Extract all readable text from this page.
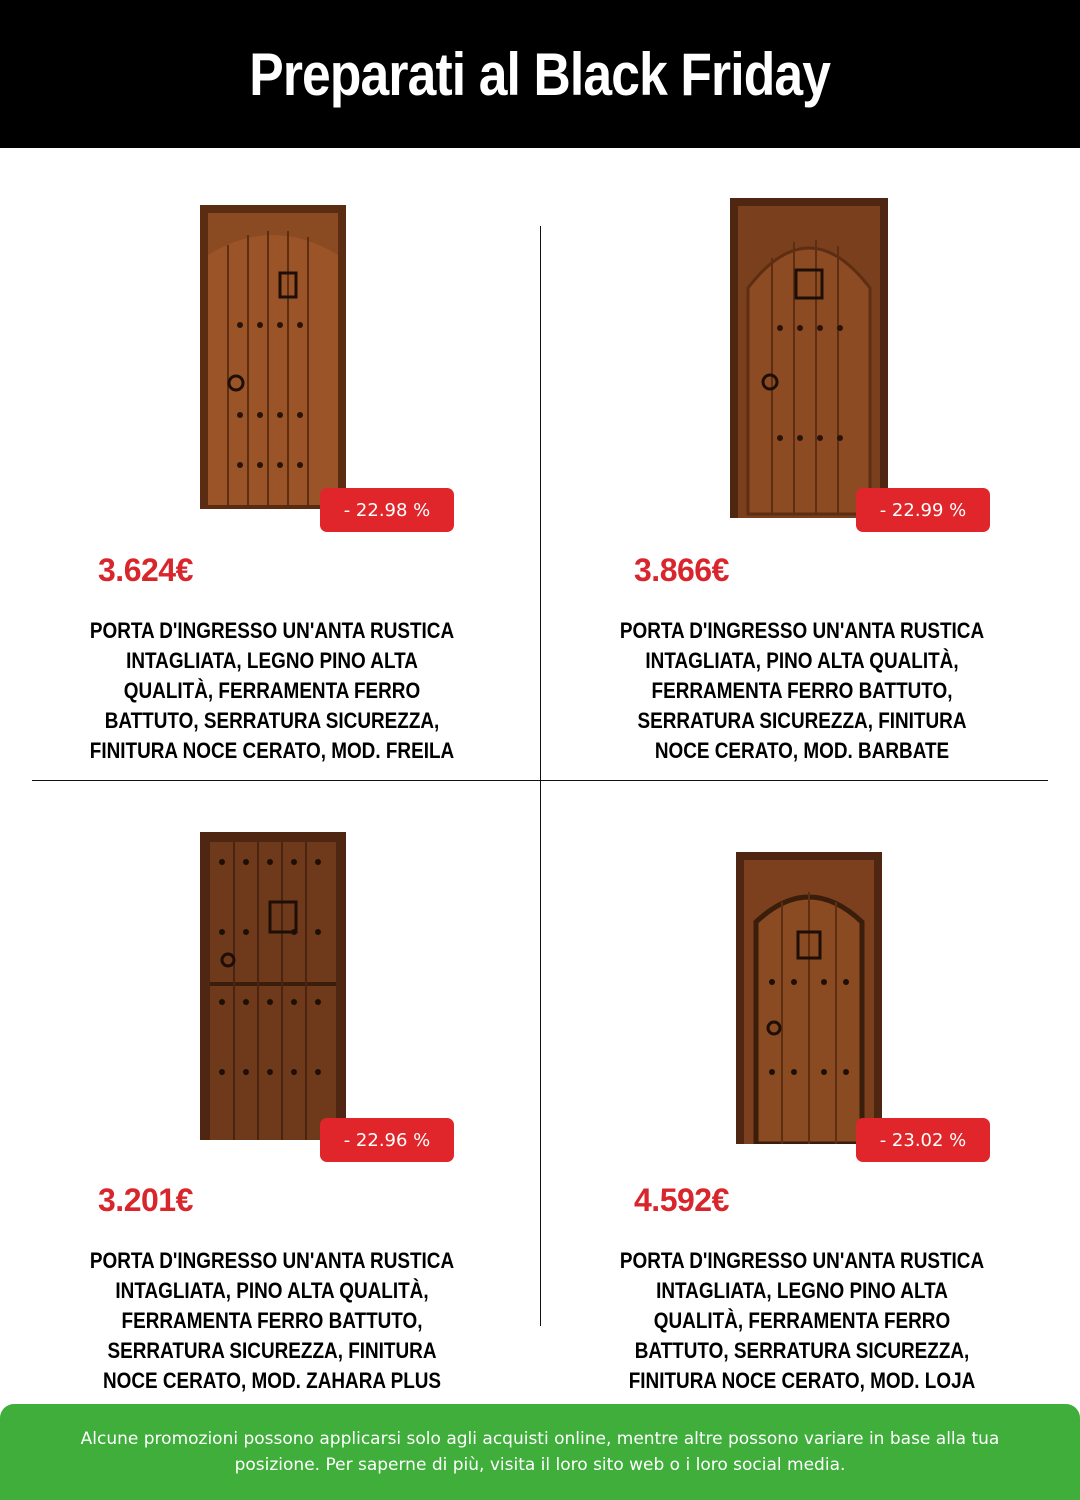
Preparati al Black Friday
- 22.98 %
3.624€
PORTA D'INGRESSO UN'ANTA RUSTICA INTAGLIATA, LEGNO PINO ALTA QUALITÀ, FERRAMENTA FERRO BATTUTO, SERRATURA SICUREZZA, FINITURA NOCE CERATO, MOD. FREILA
- 22.99 %
3.866€
PORTA D'INGRESSO UN'ANTA RUSTICA INTAGLIATA, PINO ALTA QUALITÀ, FERRAMENTA FERRO BATTUTO, SERRATURA SICUREZZA, FINITURA NOCE CERATO, MOD. BARBATE
- 22.96 %
3.201€
PORTA D'INGRESSO UN'ANTA RUSTICA INTAGLIATA, PINO ALTA QUALITÀ, FERRAMENTA FERRO BATTUTO, SERRATURA SICUREZZA, FINITURA NOCE CERATO, MOD. ZAHARA PLUS
- 23.02 %
4.592€
PORTA D'INGRESSO UN'ANTA RUSTICA INTAGLIATA, LEGNO PINO ALTA QUALITÀ, FERRAMENTA FERRO BATTUTO, SERRATURA SICUREZZA, FINITURA NOCE CERATO, MOD. LOJA

Alcune promozioni possono applicarsi solo agli acquisti online, mentre altre possono variare in base alla tua posizione. Per saperne di più, visita il loro sito web o i loro social media.
